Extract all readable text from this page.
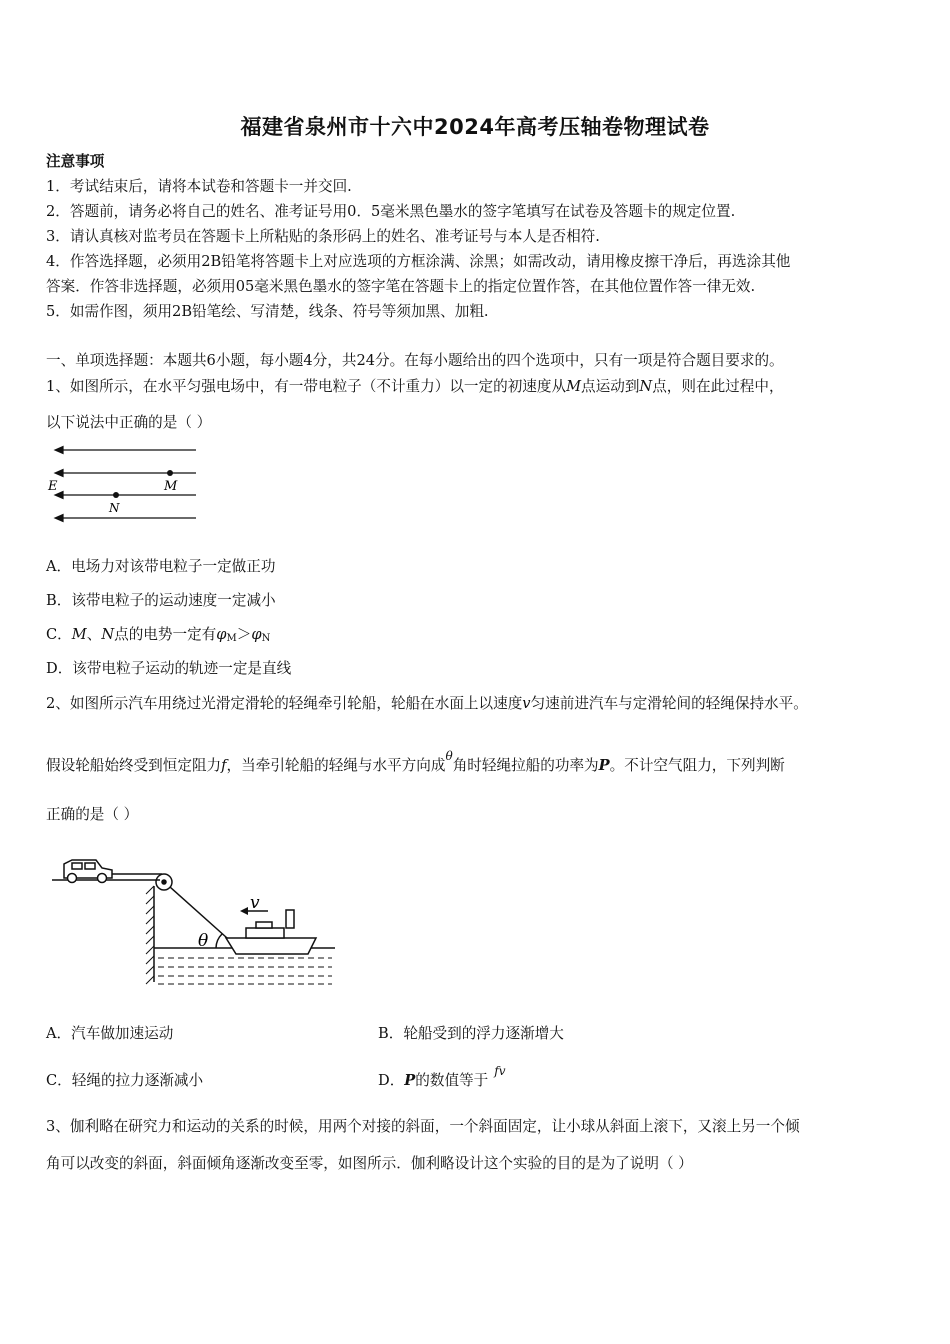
福建省泉州市十六中2024年高考压轴卷物理试卷
注意事项
1．考试结束后，请将本试卷和答题卡一并交回.
2．答题前，请务必将自己的姓名、准考证号用0．5毫米黑色墨水的签字笔填写在试卷及答题卡的规定位置.
3．请认真核对监考员在答题卡上所粘贴的条形码上的姓名、准考证号与本人是否相符.
4．作答选择题，必须用2B铅笔将答题卡上对应选项的方框涂满、涂黑；如需改动，请用橡皮擦干净后，再选涂其他
答案．作答非选择题，必须用05毫米黑色墨水的签字笔在答题卡上的指定位置作答，在其他位置作答一律无效.
5．如需作图，须用2B铅笔绘、写清楚，线条、符号等须加黑、加粗.
一、单项选择题：本题共6小题，每小题4分，共24分。在每小题给出的四个选项中，只有一项是符合题目要求的。
1、如图所示，在水平匀强电场中，有一带电粒子（不计重力）以一定的初速度从M点运动到N点，则在此过程中，
以下说法中正确的是（ ）
E	M
N
A．电场力对该带电粒子一定做正功
B．该带电粒子的运动速度一定减小
C．M、N点的电势一定有$\varphi_M>\varphi_N$
D．该带电粒子运动的轨迹一定是直线
2、如图所示汽车用绕过光滑定滑轮的轻绳牵引轮船，轮船在水面上以速度v匀速前进汽车与定滑轮间的轻绳保持水平。
假设轮船始终受到恒定阻力f，当牵引轮船的轻绳与水平方向成$^\theta$角时轻绳拉船的功率为P。不计空气阻力，下列判断
正确的是（ ）
v
θ
A．汽车做加速运动	B．轮船受到的浮力逐渐增大
C．轻绳的拉力逐渐减小	D．P的数值等于$^{fv}$
3、伽利略在研究力和运动的关系的时候，用两个对接的斜面，一个斜面固定，让小球从斜面上滚下，又滚上另一个倾
角可以改变的斜面，斜面倾角逐渐改变至零，如图所示．伽利略设计这个实验的目的是为了说明（ ）
